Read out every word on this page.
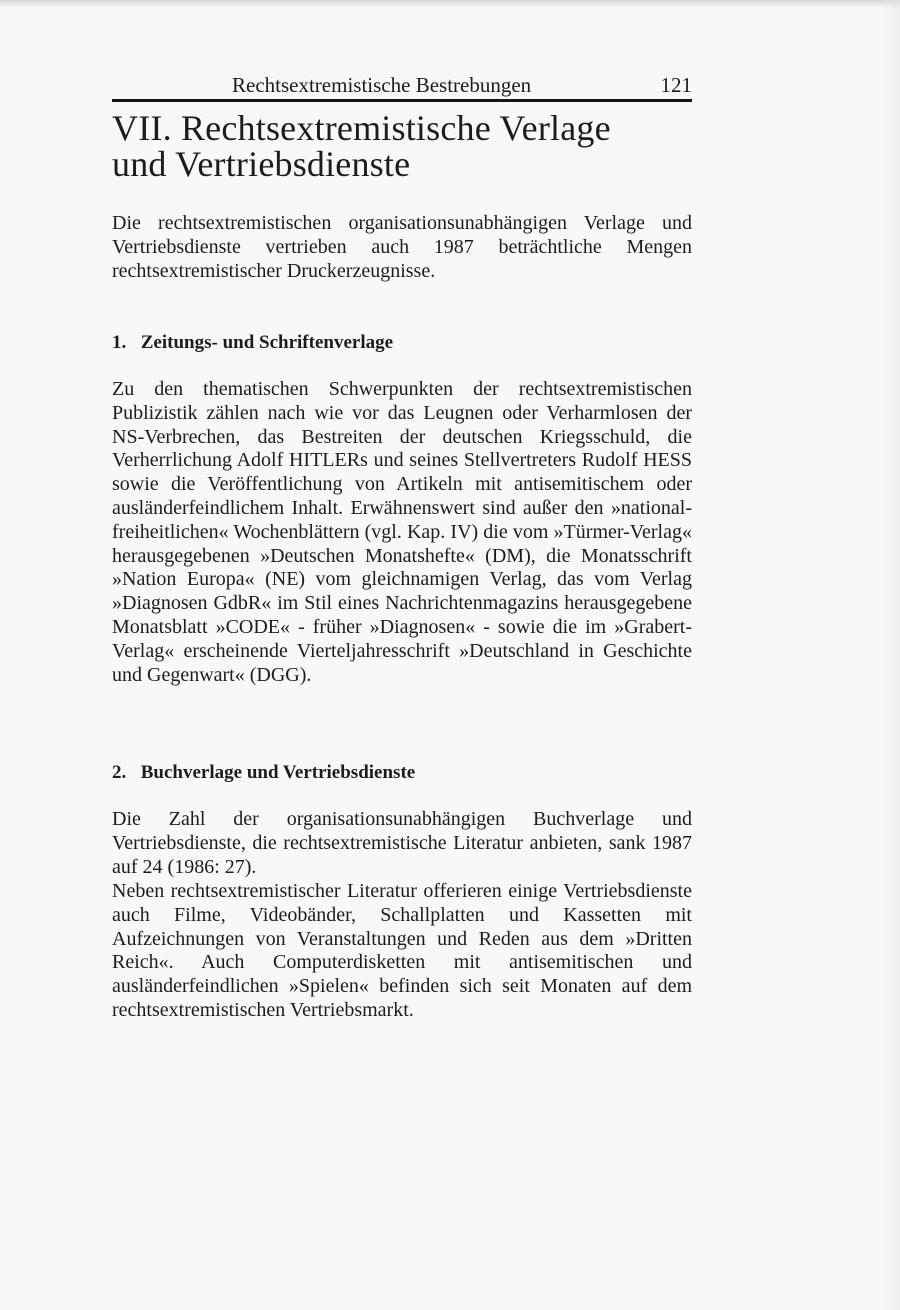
Rechtsextremistische Bestrebungen	121
VII. Rechtsextremistische Verlage
und Vertriebsdienste

Die rechtsextremistischen organisationsunabhängigen Verlage und Vertriebsdienste vertrieben auch 1987 beträchtliche Mengen rechtsextremistischer Druckerzeugnisse.

1. Zeitungs- und Schriftenverlage

Zu den thematischen Schwerpunkten der rechtsextremistischen Publizistik zählen nach wie vor das Leugnen oder Verharmlosen der NS-Verbrechen, das Bestreiten der deutschen Kriegsschuld, die Verherrlichung Adolf HITLERs und seines Stellvertreters Rudolf HESS sowie die Veröffentlichung von Artikeln mit antisemitischem oder ausländerfeindlichem Inhalt. Erwähnenswert sind außer den »national-freiheitlichen« Wochenblättern (vgl. Kap. IV) die vom »Türmer-Verlag« herausgegebenen »Deutschen Monatshefte« (DM), die Monatsschrift »Nation Europa« (NE) vom gleichnamigen Verlag, das vom Verlag »Diagnosen GdbR« im Stil eines Nachrichtenmagazins herausgegebene Monatsblatt »CODE« - früher »Diagnosen« - sowie die im »Grabert-Verlag« erscheinende Vierteljahresschrift »Deutschland in Geschichte und Gegenwart« (DGG).

2. Buchverlage und Vertriebsdienste

Die Zahl der organisationsunabhängigen Buchverlage und Vertriebsdienste, die rechtsextremistische Literatur anbieten, sank 1987 auf 24 (1986: 27).

Neben rechtsextremistischer Literatur offerieren einige Vertriebsdienste auch Filme, Videobänder, Schallplatten und Kassetten mit Aufzeichnungen von Veranstaltungen und Reden aus dem »Dritten Reich«. Auch Computerdisketten mit antisemitischen und ausländerfeindlichen »Spielen« befinden sich seit Monaten auf dem rechtsextremistischen Vertriebsmarkt.
